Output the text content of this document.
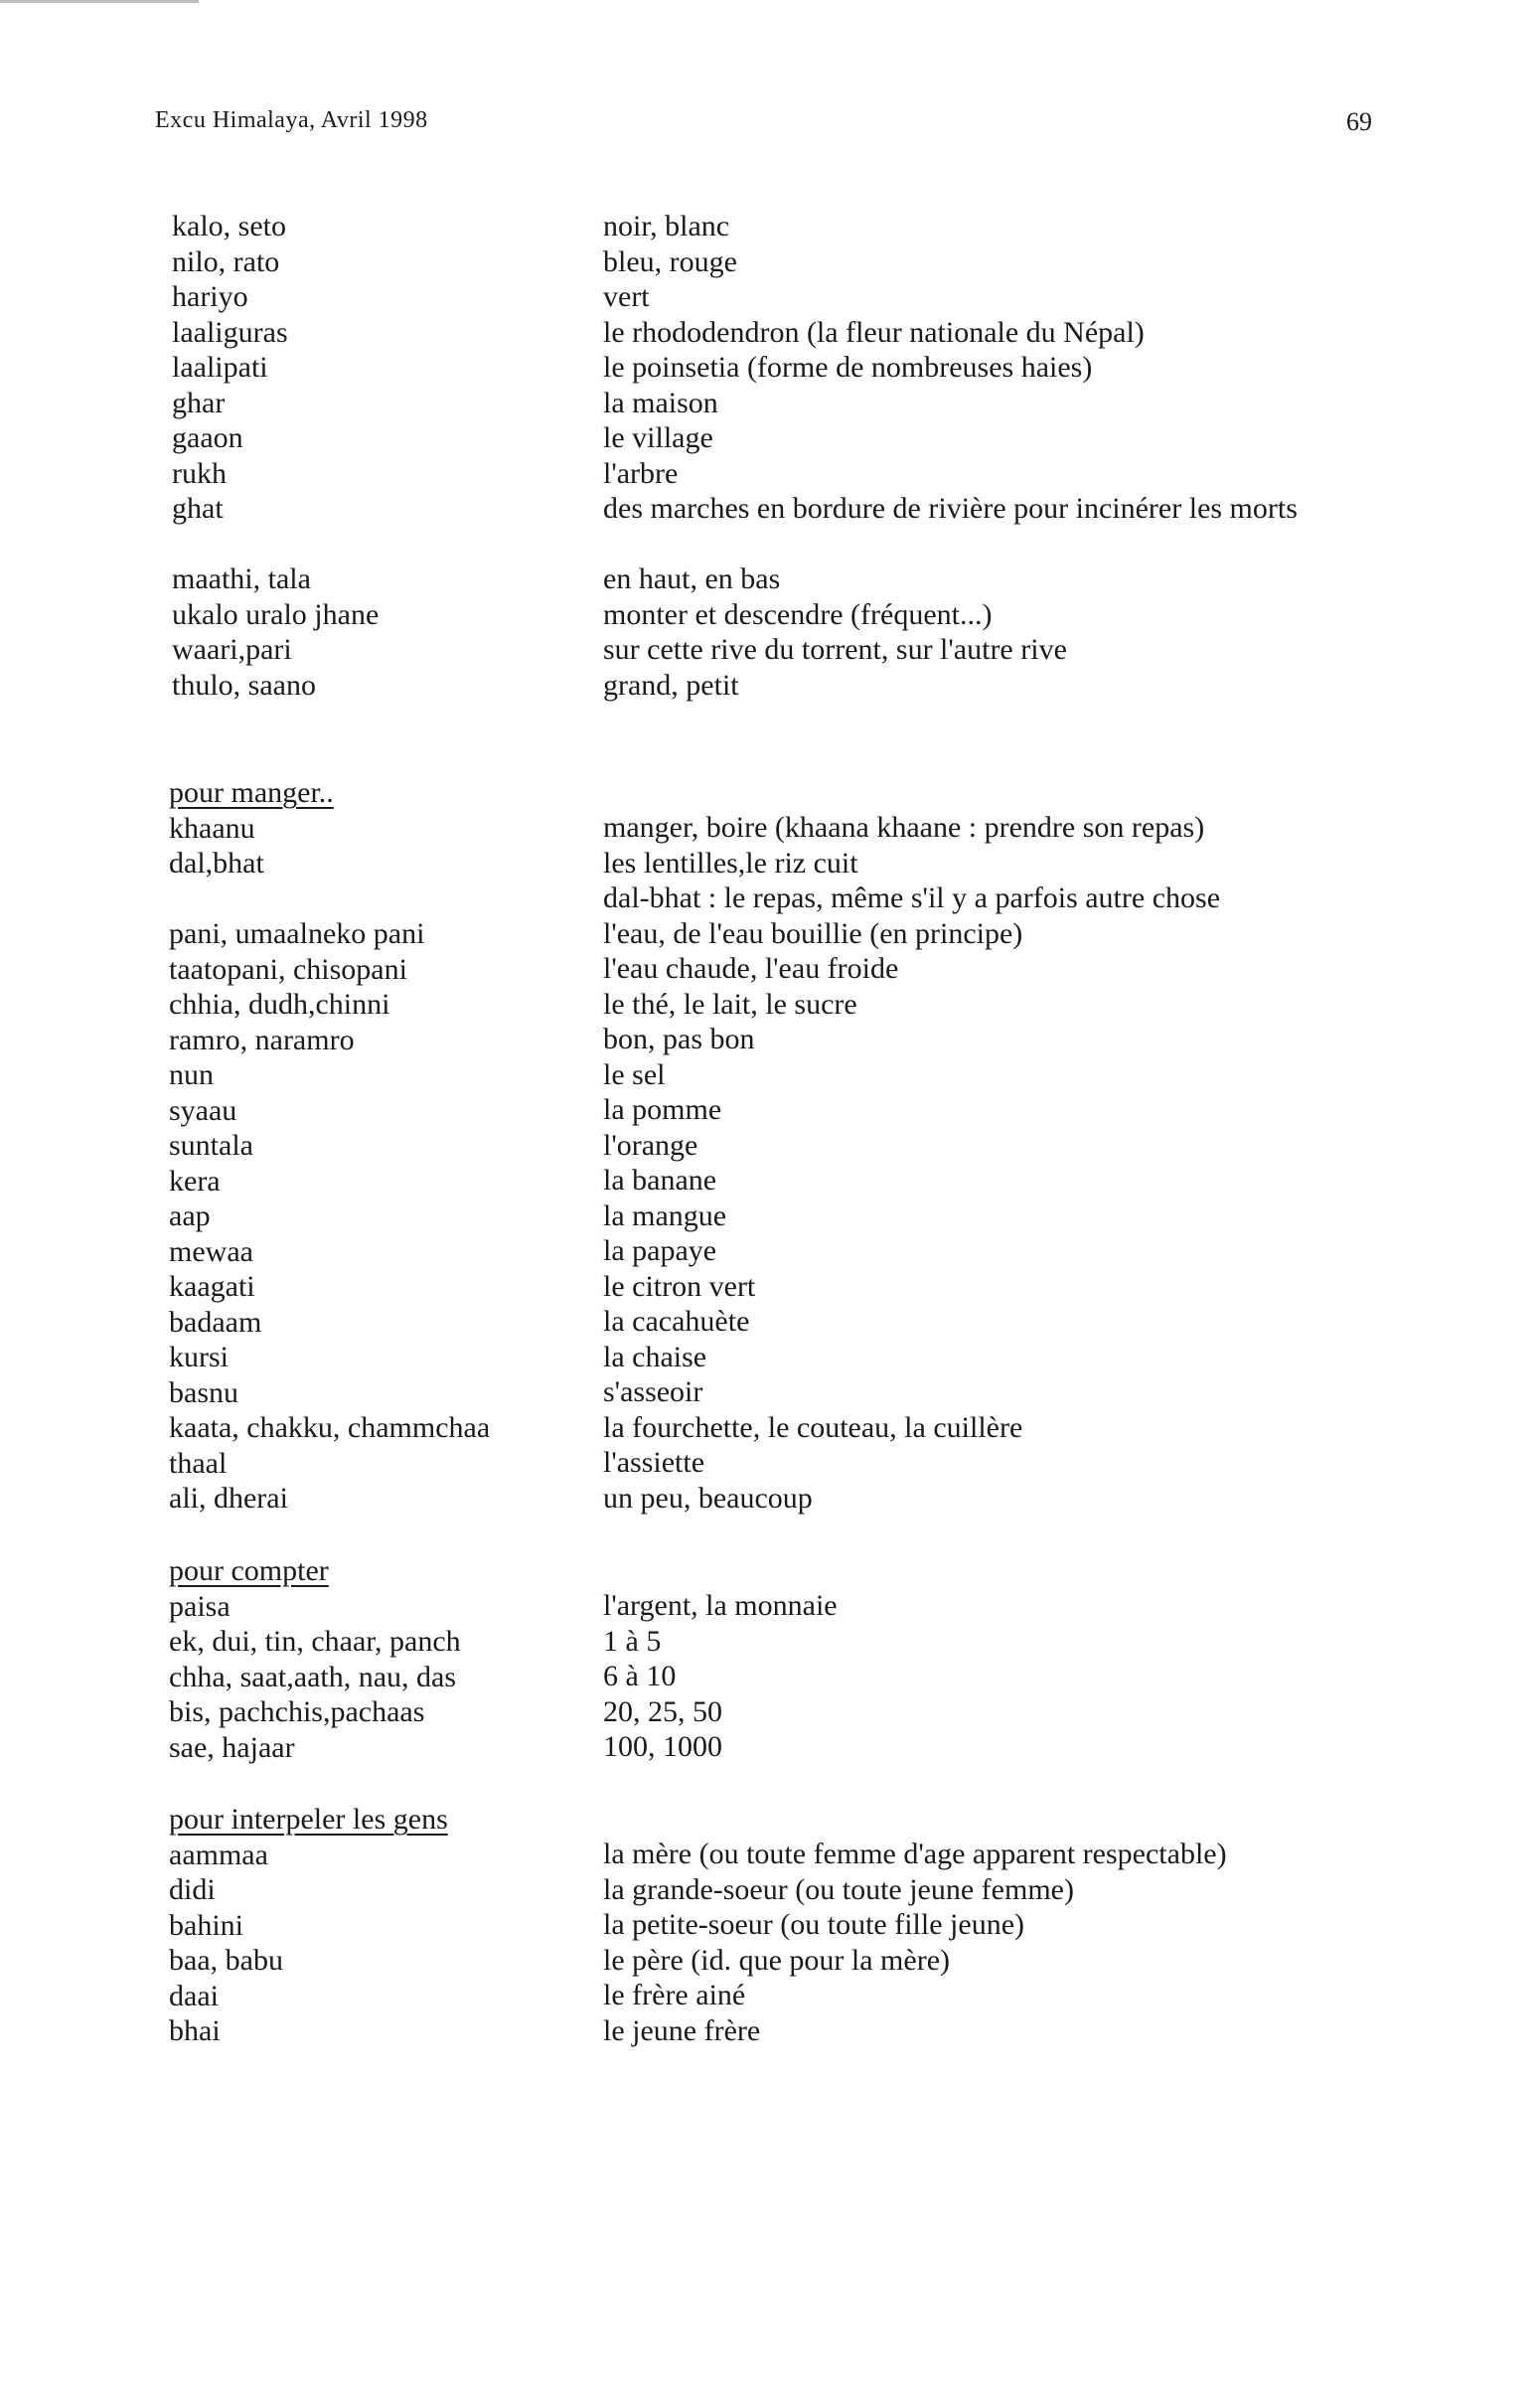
Excu Himalaya, Avril 1998	69
kalo, seto
nilo, rato
hariyo
laaliguras
laalipati
ghar
gaaon
rukh
ghat
noir, blanc
bleu, rouge
vert
le rhododendron (la fleur nationale du Népal)
le poinsetia (forme de nombreuses haies)
la maison
le village
l'arbre
des marches en bordure de rivière pour incinérer les morts
maathi, tala
ukalo uralo jhane
waari,pari
thulo, saano
en haut, en bas
monter et descendre (fréquent...)
sur cette rive du torrent, sur l'autre rive
grand, petit
pour manger..
khaanu
dal,bhat
pani, umaalneko pani
taatopani, chisopani
chhia, dudh,chinni
ramro, naramro
nun
syaau
suntala
kera
aap
mewaa
kaagati
badaam
kursi
basnu
kaata, chakku, chammchaa
thaal
ali, dherai
manger, boire (khaana khaane : prendre son repas)
les lentilles,le riz cuit
dal-bhat : le repas, même s'il y a parfois autre chose
l'eau, de l'eau bouillie (en principe)
l'eau chaude, l'eau froide
le thé, le lait, le sucre
bon, pas bon
le sel
la pomme
l'orange
la banane
la mangue
la papaye
le citron vert
la cacahuète
la chaise
s'asseoir
la fourchette, le couteau, la cuillère
l'assiette
un peu, beaucoup
pour compter
paisa
ek, dui, tin, chaar, panch
chha, saat,aath, nau, das
bis, pachchis,pachaas
sae, hajaar
l'argent, la monnaie
1 à 5
6 à 10
20, 25, 50
100, 1000
pour interpeler les gens
aammaa
didi
bahini
baa, babu
daai
bhai
la mère (ou toute femme d'age apparent respectable)
la grande-soeur (ou toute jeune femme)
la petite-soeur (ou toute fille jeune)
le père (id. que pour la mère)
le frère ainé
le jeune frère
